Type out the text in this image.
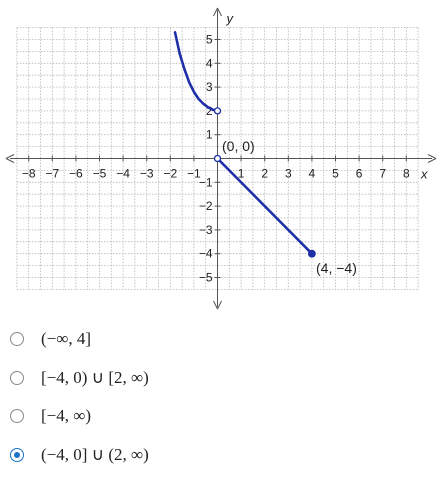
−8 −7 −6 −5 −4 −3 −2 −1	1 2 3 4 5 6 7 8
5
4
3
2
1
−1
−2
−3
−4
−5
x
y
(0, 0)
(4, −4)
(−∞, 4]
[−4, 0) ∪ [2, ∞)
[−4, ∞)
(−4, 0] ∪ (2, ∞)
